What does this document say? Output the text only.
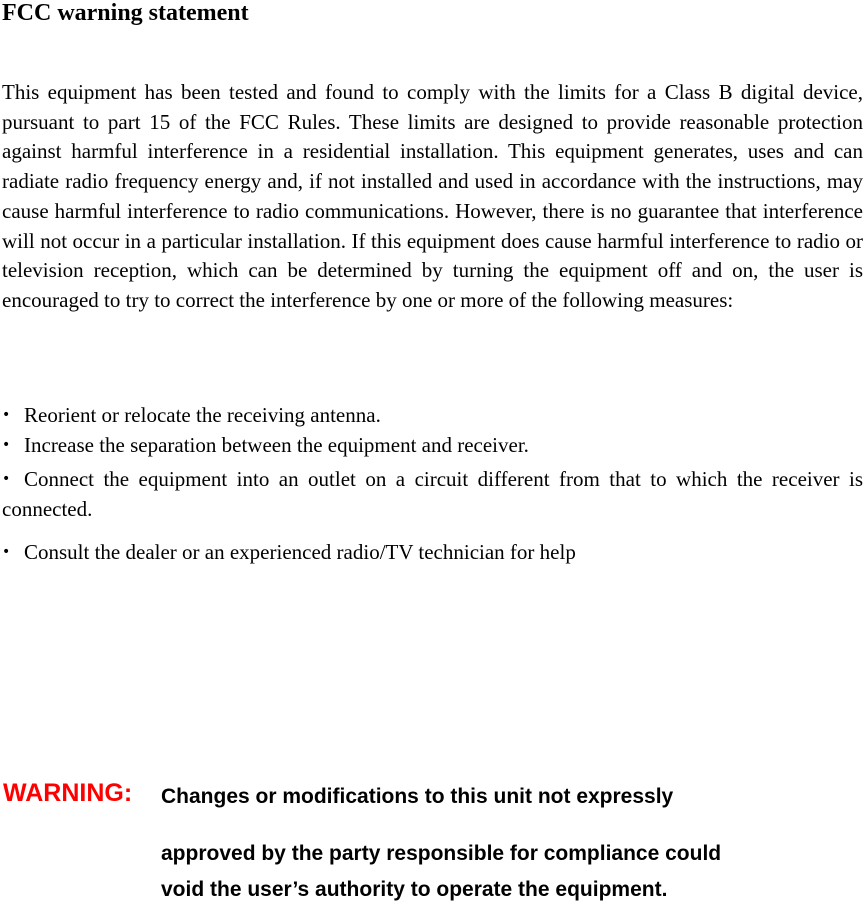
FCC warning statement

This equipment has been tested and found to comply with the limits for a Class B digital device, pursuant to part 15 of the FCC Rules. These limits are designed to provide reasonable protection against harmful interference in a residential installation. This equipment generates, uses and can radiate radio frequency energy and, if not installed and used in accordance with the instructions, may cause harmful interference to radio communications. However, there is no guarantee that interference will not occur in a particular installation. If this equipment does cause harmful interference to radio or television reception, which can be determined by turning the equipment off and on, the user is encouraged to try to correct the interference by one or more of the following measures:

• Reorient or relocate the receiving antenna.
• Increase the separation between the equipment and receiver.
• Connect the equipment into an outlet on a circuit different from that to which the receiver is connected.
• Consult the dealer or an experienced radio/TV technician for help
WARNING: Changes or modifications to this unit not expressly
approved by the party responsible for compliance could
void the user’s authority to operate the equipment.
